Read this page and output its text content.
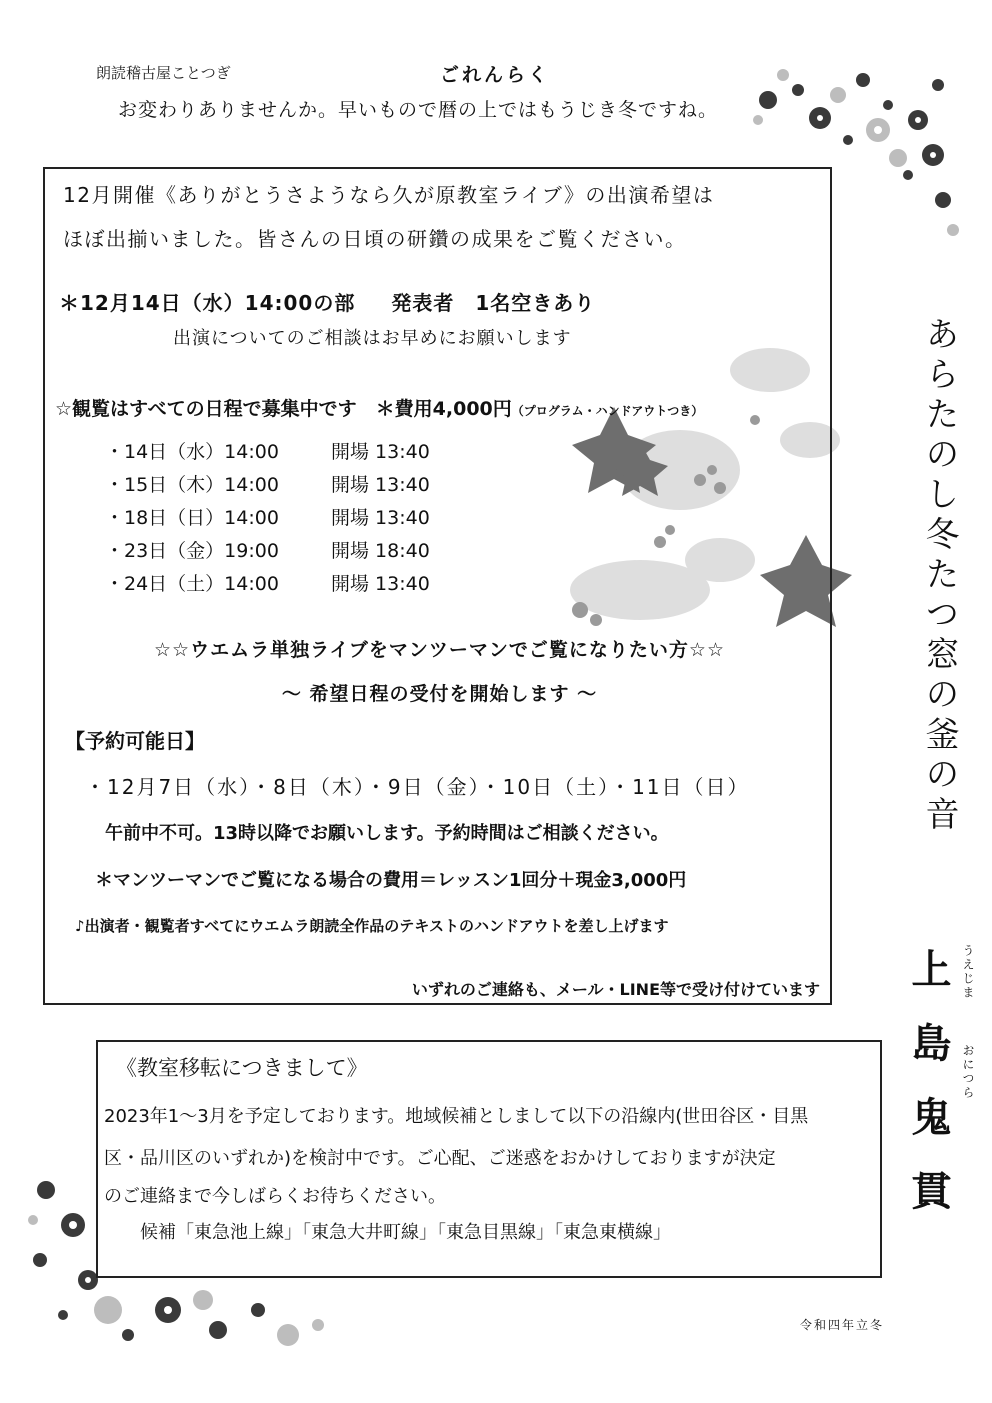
朗読稽古屋ことつぎ	ごれんらく
お変わりありませんか。早いもので暦の上ではもうじき冬ですね。
12月開催《ありがとうさようなら久が原教室ライブ》の出演希望は
ほぼ出揃いました。皆さんの日頃の研鑽の成果をご覧ください。
＊12月14日（水）14:00の部 発表者　1名空きあり
出演についてのご相談はお早めにお願いします
☆観覧はすべての日程で募集中です　＊費用4,000円（プログラム・ハンドアウトつき）
・14日（水）14:00	開場 13:40
・15日（木）14:00	開場 13:40
・18日（日）14:00	開場 13:40
・23日（金）19:00	開場 18:40
・24日（土）14:00	開場 13:40
☆☆ウエムラ単独ライブをマンツーマンでご覧になりたい方☆☆
～ 希望日程の受付を開始します ～
【予約可能日】
・12月7日（水）・8日（木）・9日（金）・10日（土）・11日（日）
午前中不可。13時以降でお願いします。予約時間はご相談ください。
＊マンツーマンでご覧になる場合の費用＝レッスン1回分＋現金3,000円
♪出演者・観覧者すべてにウエムラ朗読全作品のテキストのハンドアウトを差し上げます
いずれのご連絡も、メール・LINE等で受け付けています
《教室移転につきまして》
2023年1～3月を予定しております。地域候補としまして以下の沿線内(世田谷区・目黒
区・品川区のいずれか)を検討中です。ご心配、ご迷惑をおかけしておりますが決定
のご連絡まで今しばらくお待ちください。
　　候補「東急池上線」「東急大井町線」「東急目黒線」「東急東横線」
あらたのし冬たつ窓の釜の音
うえじま
おにつら
上島鬼貫
令和四年立冬
